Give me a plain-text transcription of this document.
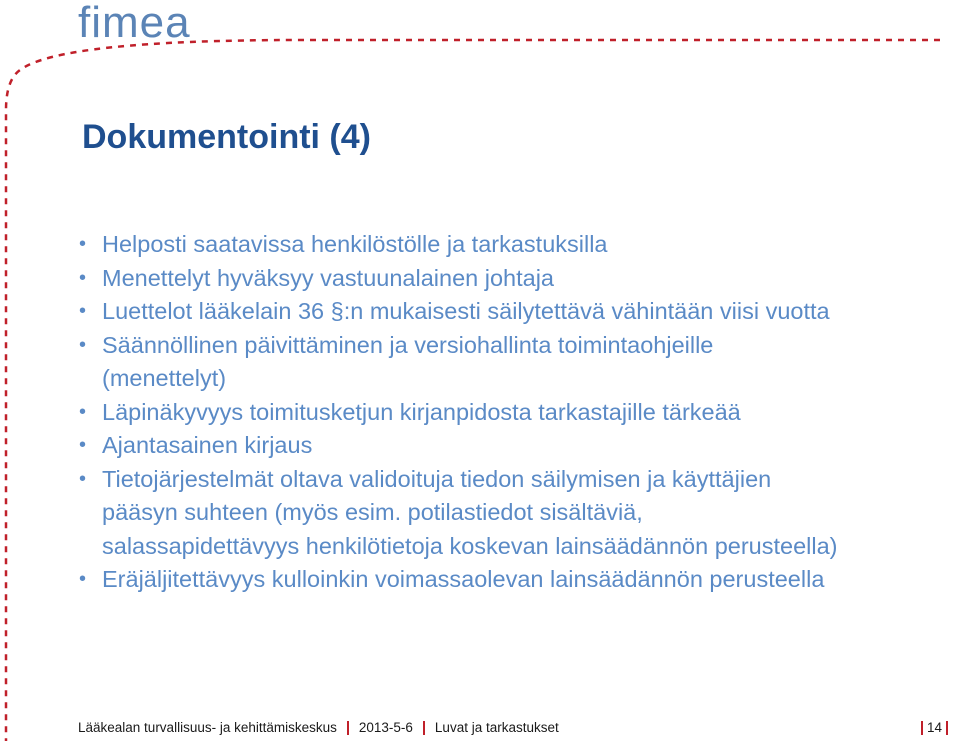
fimea
Dokumentointi (4)
• Helposti saatavissa henkilöstölle ja tarkastuksilla
• Menettelyt hyväksyy vastuunalainen johtaja
• Luettelot lääkelain 36 §:n mukaisesti säilytettävä vähintään viisi vuotta
• Säännöllinen päivittäminen ja versiohallinta toimintaohjeille (menettelyt)
• Läpinäkyvyys toimitusketjun kirjanpidosta tarkastajille tärkeää
• Ajantasainen kirjaus
• Tietojärjestelmät oltava validoituja tiedon säilymisen ja käyttäjien pääsyn suhteen (myös esim. potilastiedot sisältäviä, salassapidettävyys henkilötietoja koskevan lainsäädännön perusteella)
• Eräjäljitettävyys kulloinkin voimassaolevan lainsäädännön perusteella
Lääkealan turvallisuus- ja kehittämiskeskus 2013-5-6 Luvat ja tarkastukset	14
